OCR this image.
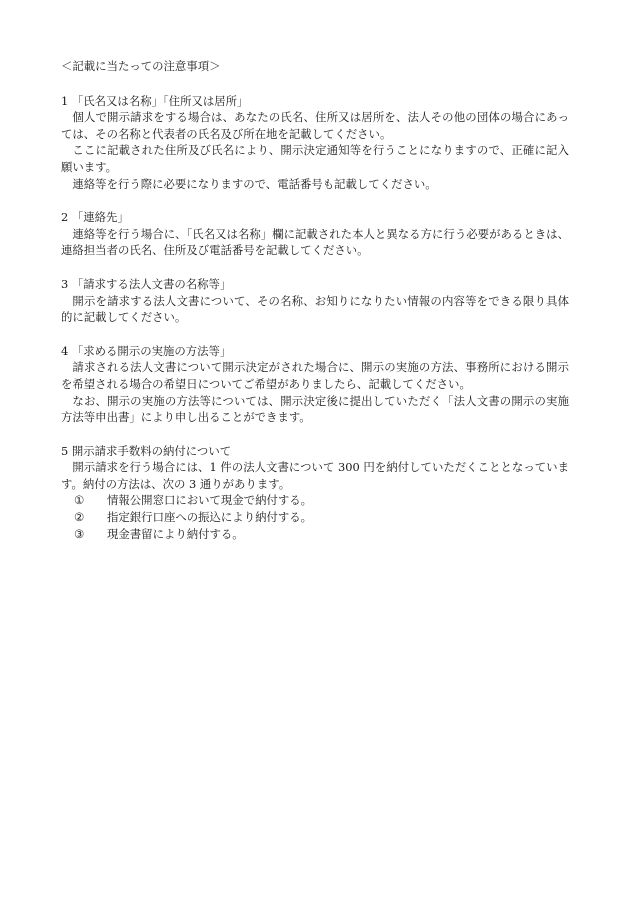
＜記載に当たっての注意事項＞

1 「氏名又は名称」「住所又は居所」

個人で開示請求をする場合は、あなたの氏名、住所又は居所を、法人その他の団体の場合にあっては、その名称と代表者の氏名及び所在地を記載してください。

ここに記載された住所及び氏名により、開示決定通知等を行うことになりますので、正確に記入願います。

連絡等を行う際に必要になりますので、電話番号も記載してください。

2 「連絡先」

連絡等を行う場合に、「氏名又は名称」欄に記載された本人と異なる方に行う必要があるときは、連絡担当者の氏名、住所及び電話番号を記載してください。

3 「請求する法人文書の名称等」

開示を請求する法人文書について、その名称、お知りになりたい情報の内容等をできる限り具体的に記載してください。

4 「求める開示の実施の方法等」

請求される法人文書について開示決定がされた場合に、開示の実施の方法、事務所における開示を希望される場合の希望日についてご希望がありましたら、記載してください。

なお、開示の実施の方法等については、開示決定後に提出していただく「法人文書の開示の実施方法等申出書」により申し出ることができます。

5 開示請求手数料の納付について

開示請求を行う場合には、1 件の法人文書について 300 円を納付していただくこととなっています。納付の方法は、次の 3 通りがあります。

①	情報公開窓口において現金で納付する。
②	指定銀行口座への振込により納付する。
③	現金書留により納付する。
